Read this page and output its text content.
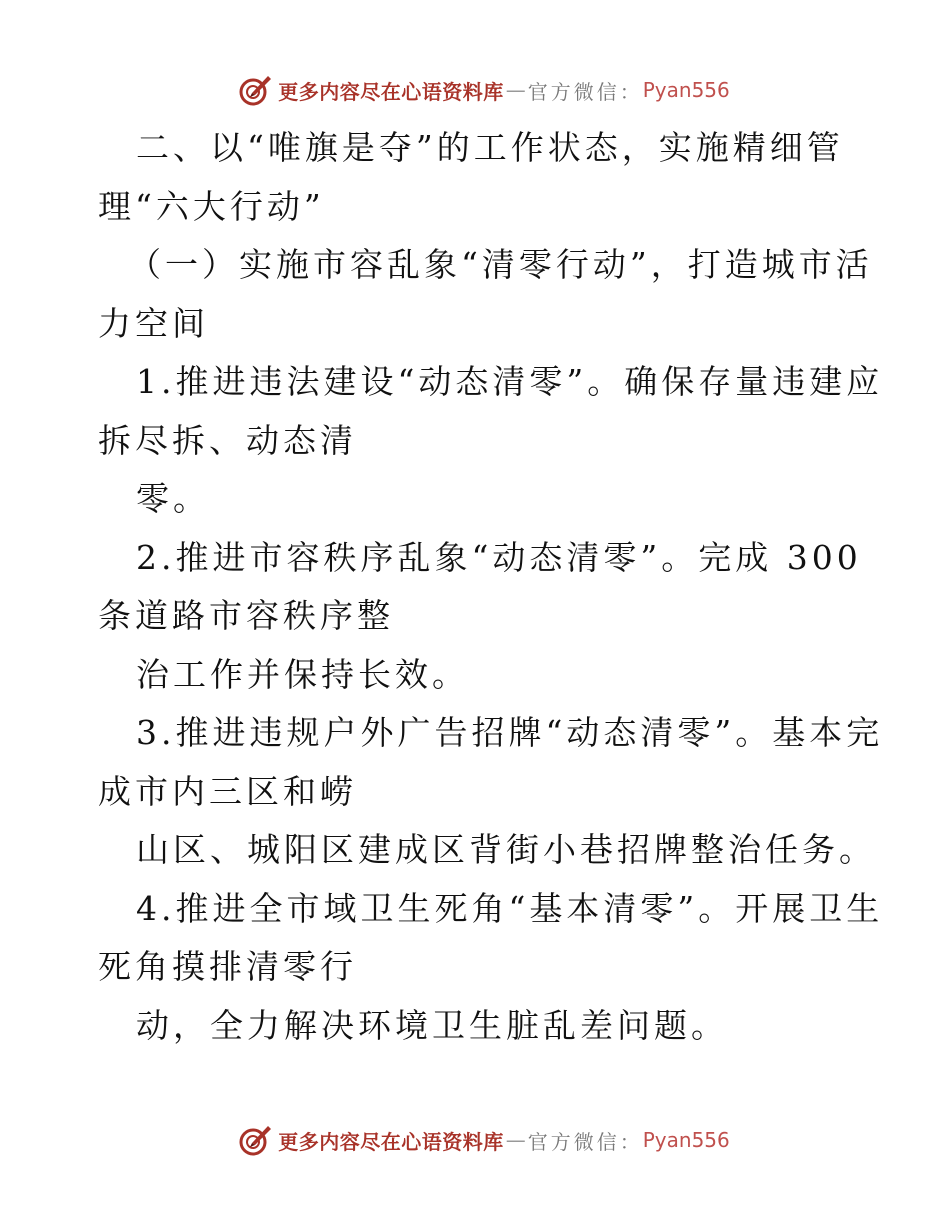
更多内容尽在心语资料库 — 官方微信： Pyan556
二、以“唯旗是夺”的工作状态，实施精细管
理“六大行动”
（一）实施市容乱象“清零行动”，打造城市活
力空间
1.推进违法建设“动态清零”。确保存量违建应
拆尽拆、动态清
零。
2.推进市容秩序乱象“动态清零”。完成 300
条道路市容秩序整
治工作并保持长效。
3.推进违规户外广告招牌“动态清零”。基本完
成市内三区和崂
山区、城阳区建成区背街小巷招牌整治任务。
4.推进全市域卫生死角“基本清零”。开展卫生
死角摸排清零行
动，全力解决环境卫生脏乱差问题。
更多内容尽在心语资料库 — 官方微信： Pyan556
